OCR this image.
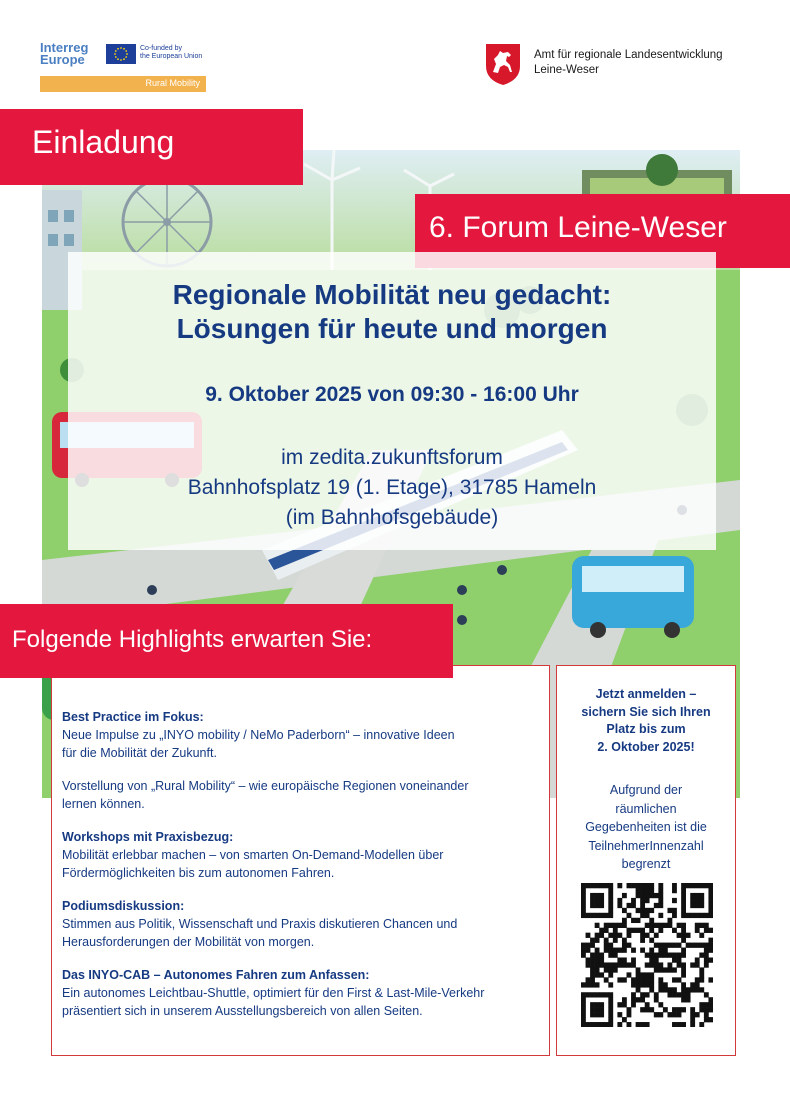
Interreg
Europe
Co-funded by
the European Union
Rural Mobility
Amt für regionale Landesentwicklung
Leine-Weser
Einladung
6. Forum Leine-Weser
Regionale Mobilität neu gedacht:
Lösungen für heute und morgen
9. Oktober 2025 von 09:30 - 16:00 Uhr
im zedita.zukunftsforum
Bahnhofsplatz 19 (1. Etage), 31785 Hameln
(im Bahnhofsgebäude)
Best Practice im Fokus:
Neue Impulse zu „INYO mobility / NeMo Paderborn“ – innovative Ideen
für die Mobilität der Zukunft.
Vorstellung von „Rural Mobility“ – wie europäische Regionen voneinander
lernen können.
Workshops mit Praxisbezug:
Mobilität erlebbar machen – von smarten On-Demand-Modellen über
Fördermöglichkeiten bis zum autonomen Fahren.
Podiumsdiskussion:
Stimmen aus Politik, Wissenschaft und Praxis diskutieren Chancen und
Herausforderungen der Mobilität von morgen.
Das INYO-CAB – Autonomes Fahren zum Anfassen:
Ein autonomes Leichtbau-Shuttle, optimiert für den First & Last-Mile-Verkehr
präsentiert sich in unserem Ausstellungsbereich von allen Seiten.
Folgende Highlights erwarten Sie:
Jetzt anmelden –
sichern Sie sich Ihren
Platz bis zum
2. Oktober 2025!
Aufgrund der
räumlichen
Gegebenheiten ist die
TeilnehmerInnenzahl
begrenzt
